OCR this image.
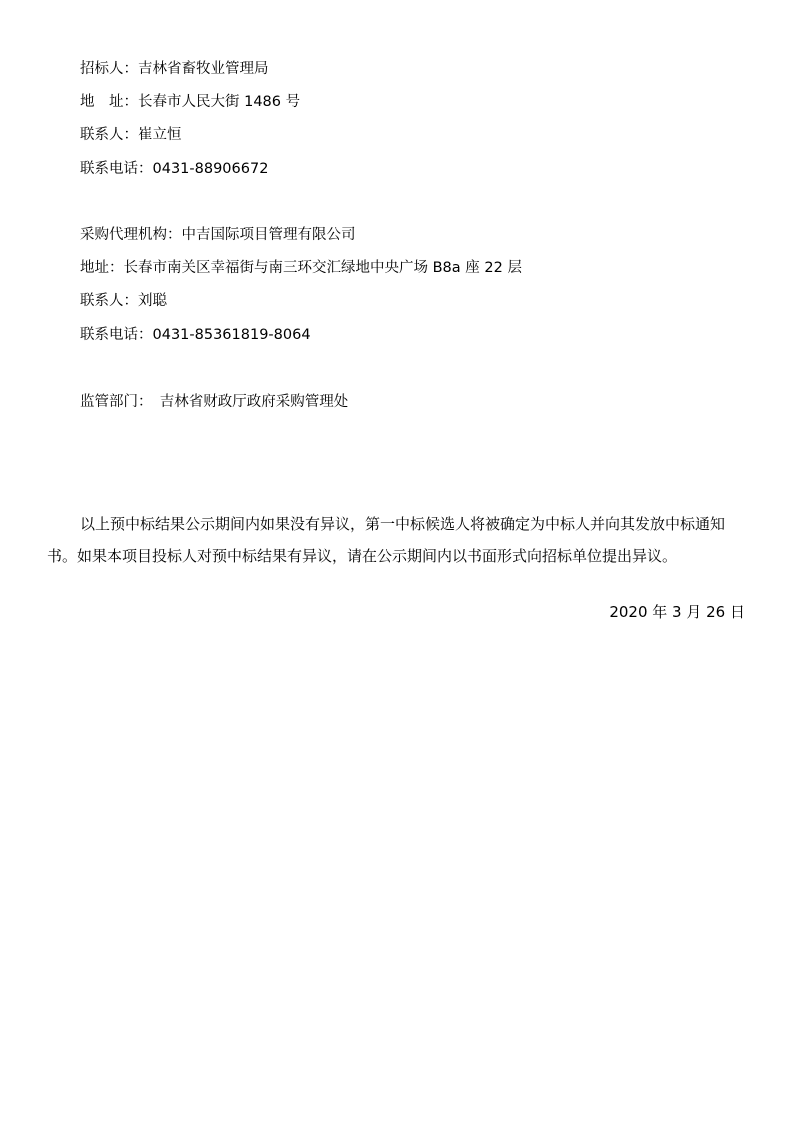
招标人：吉林省畜牧业管理局
地　址：长春市人民大街 1486 号
联系人：崔立恒
联系电话：0431-88906672
采购代理机构：中吉国际项目管理有限公司
地址：长春市南关区幸福街与南三环交汇绿地中央广场 B8a 座 22 层
联系人：刘聪
联系电话：0431-85361819-8064
监管部门：　吉林省财政厅政府采购管理处
以上预中标结果公示期间内如果没有异议，第一中标候选人将被确定为中标人并向其发放中标通知书。如果本项目投标人对预中标结果有异议，请在公示期间内以书面形式向招标单位提出异议。
2020 年 3 月 26 日
